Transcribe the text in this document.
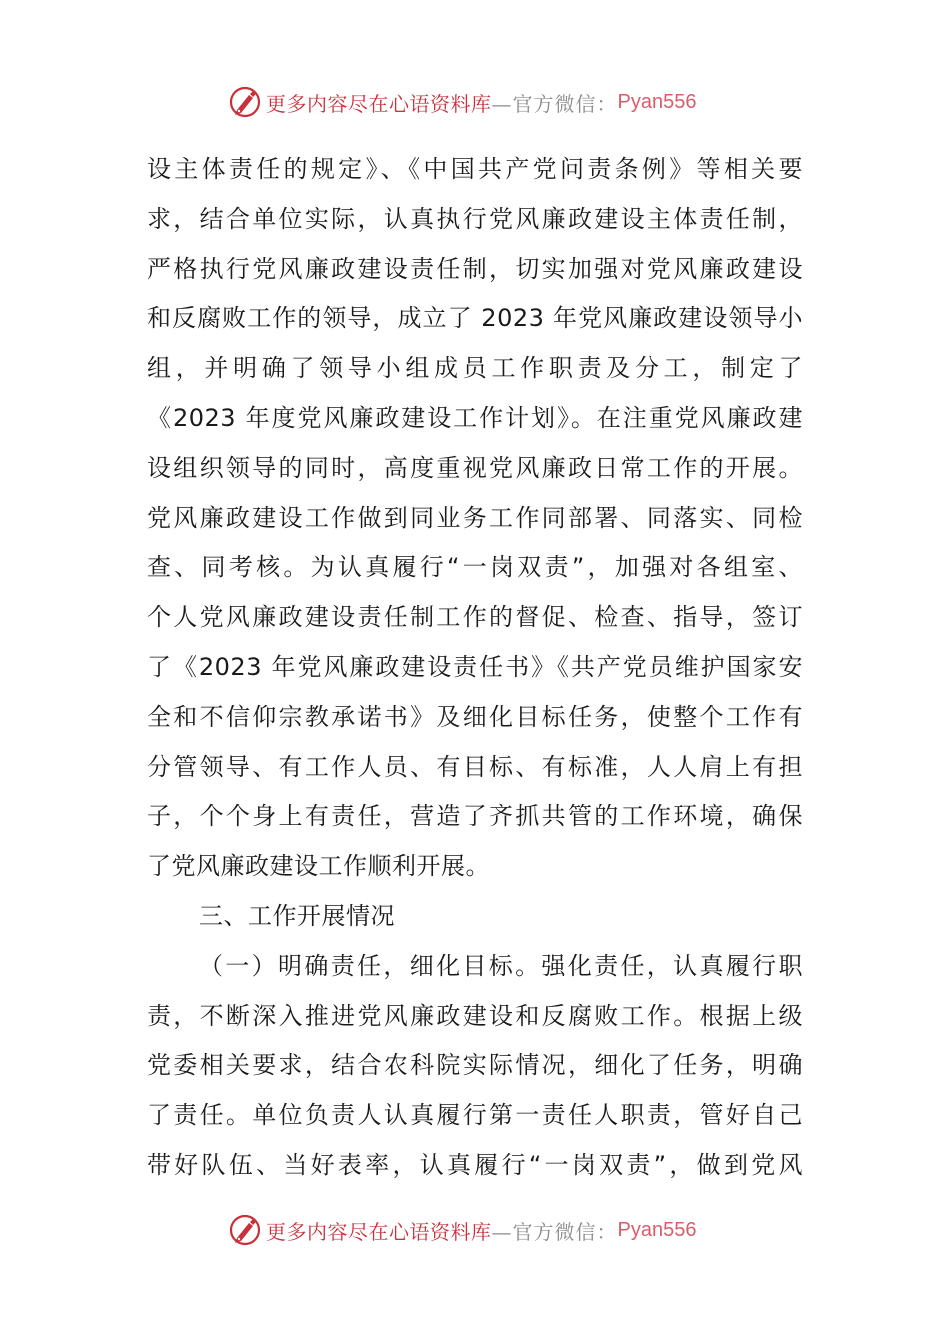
更多内容尽在心语资料库 —官方微信： Pyan556
设主体责任的规定》、《中国共产党问责条例》等相关要
求，结合单位实际，认真执行党风廉政建设主体责任制，
严格执行党风廉政建设责任制，切实加强对党风廉政建设
和反腐败工作的领导，成立了 2023 年党风廉政建设领导小
组，并明确了领导小组成员工作职责及分工，制定了
《2023 年度党风廉政建设工作计划》。在注重党风廉政建
设组织领导的同时，高度重视党风廉政日常工作的开展。
党风廉政建设工作做到同业务工作同部署、同落实、同检
查、同考核。为认真履行“一岗双责”，加强对各组室、
个人党风廉政建设责任制工作的督促、检查、指导，签订
了《2023 年党风廉政建设责任书》《共产党员维护国家安
全和不信仰宗教承诺书》及细化目标任务，使整个工作有
分管领导、有工作人员、有目标、有标准，人人肩上有担
子，个个身上有责任，营造了齐抓共管的工作环境，确保
了党风廉政建设工作顺利开展。
三、工作开展情况
（一）明确责任，细化目标。强化责任，认真履行职
责，不断深入推进党风廉政建设和反腐败工作。根据上级
党委相关要求，结合农科院实际情况，细化了任务，明确
了责任。单位负责人认真履行第一责任人职责，管好自己
带好队伍、当好表率，认真履行“一岗双责”，做到党风
更多内容尽在心语资料库 —官方微信： Pyan556
